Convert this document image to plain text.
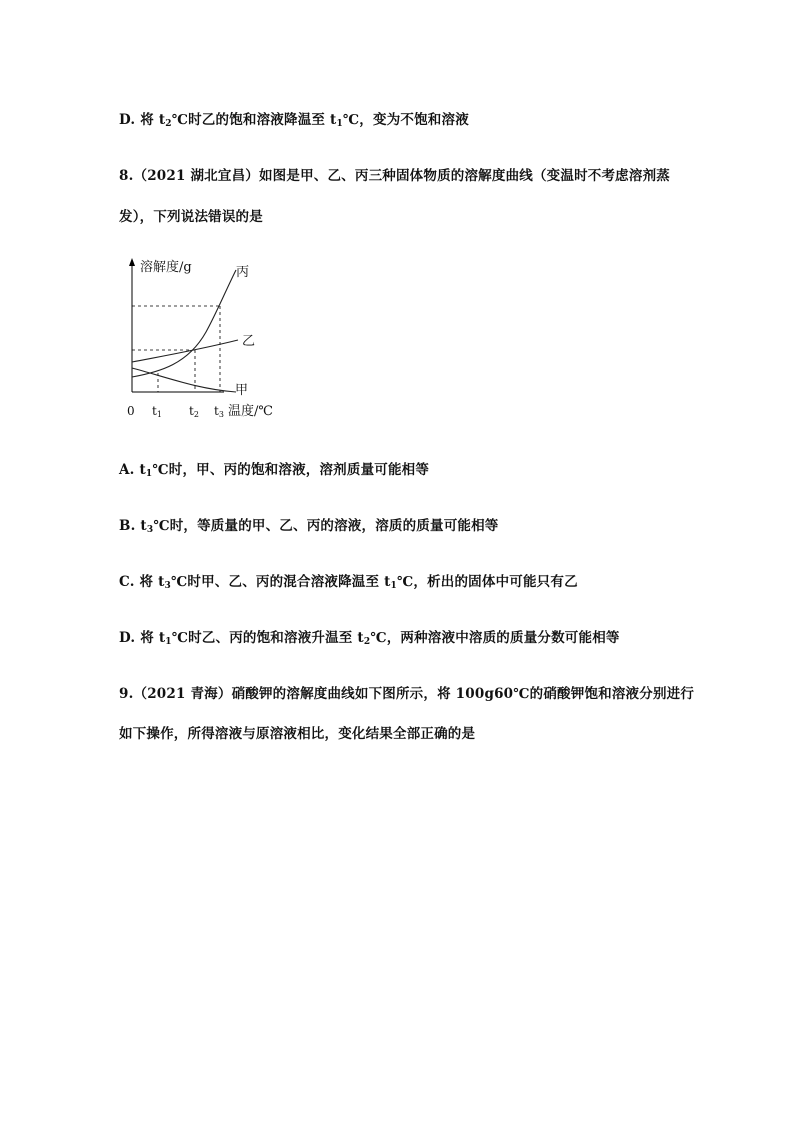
D. 将 $t_2℃$时乙的饱和溶液降温至 $t_1℃$，变为不饱和溶液
8.（2021 湖北宜昌）如图是甲、乙、丙三种固体物质的溶解度曲线（变温时不考虑溶剂蒸
发），下列说法错误的是
溶解度/g	丙
乙
甲
0 t1 t2 t3 温度/℃
A. $t_1℃$时，甲、丙的饱和溶液，溶剂质量可能相等
B. $t_3℃$时，等质量的甲、乙、丙的溶液，溶质的质量可能相等
C. 将 $t_3℃$时甲、乙、丙的混合溶液降温至 $t_1℃$，析出的固体中可能只有乙
D. 将 $t_1℃$时乙、丙的饱和溶液升温至 $t_2℃$，两种溶液中溶质的质量分数可能相等
9.（2021 青海）硝酸钾的溶解度曲线如下图所示，将 100g60℃的硝酸钾饱和溶液分别进行
如下操作，所得溶液与原溶液相比，变化结果全部正确的是
